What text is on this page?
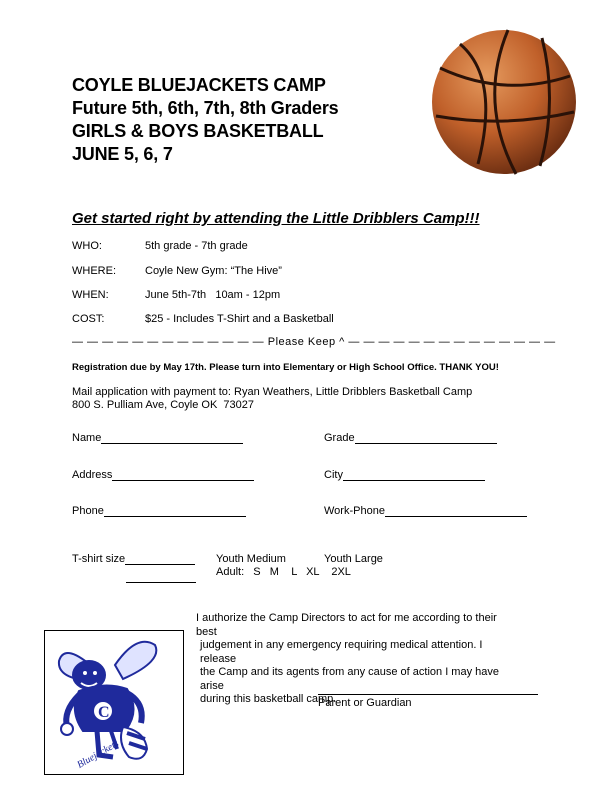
COYLE BLUEJACKETS CAMP
Future 5th, 6th, 7th, 8th Graders
GIRLS & BOYS BASKETBALL
JUNE 5, 6, 7
Get started right by attending the Little Dribblers Camp!!!
WHO:	5th grade - 7th grade
WHERE:	Coyle New Gym: “The Hive”
WHEN:	June 5th-7th   10am - 12pm
COST:	$25 - Includes T-Shirt and a Basketball
— — — — — — — — — — — — — Please Keep ^ — — — — — — — — — — — — — —
Registration due by May 17th. Please turn into Elementary or High School Office. THANK YOU!
Mail application with payment to: Ryan Weathers, Little Dribblers Basketball Camp
800 S. Pulliam Ave, Coyle OK  73027
Name	Grade
Address	City
Phone	Work-Phone
T-shirt size	Youth Medium	Youth Large
Adult:   S   M    L   XL    2XL
I authorize the Camp Directors to act for me according to their best
judgement in any emergency requiring medical attention. I release
the Camp and its agents from any cause of action I may have arise
during this basketball camp.
Parent or Guardian
C
Bluejackets
